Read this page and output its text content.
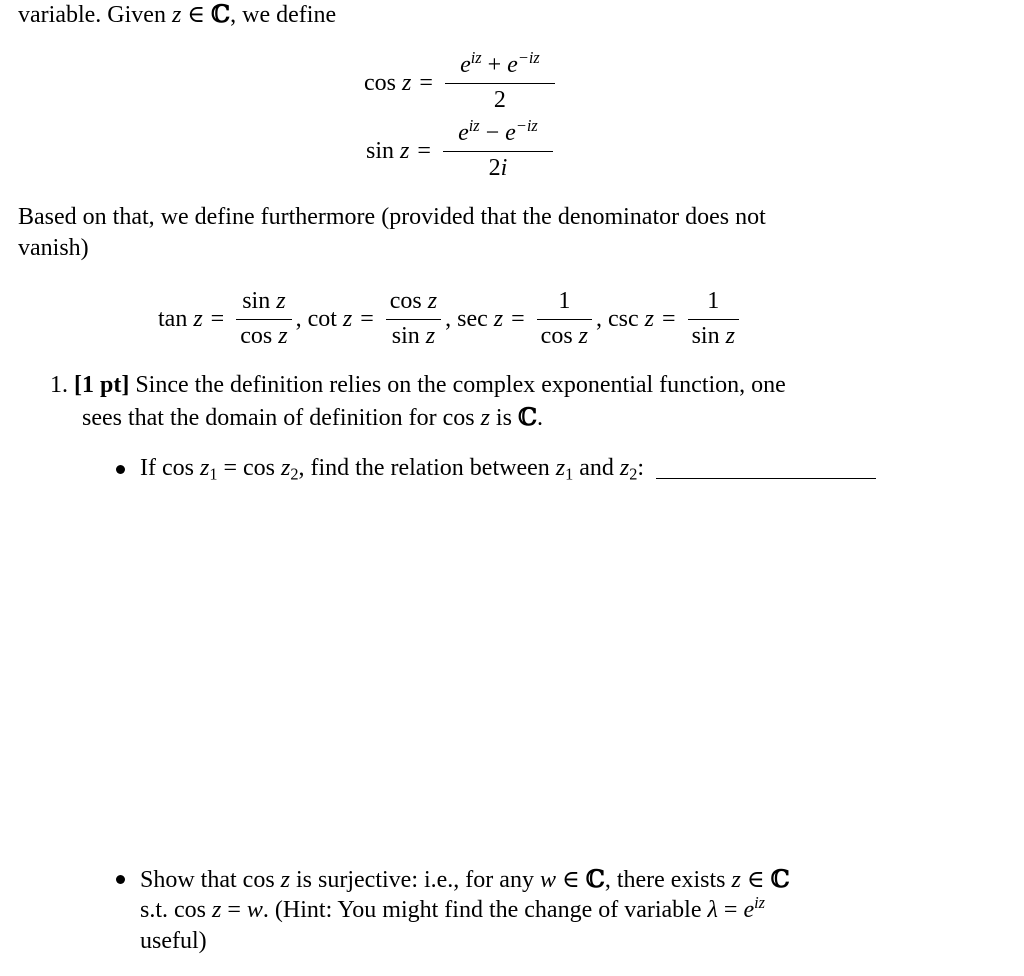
variable. Given z ∈ ℂ, we define
$\cos z = \frac{e^{iz} + e^{-iz}}{2}$
$\sin z = \frac{e^{iz} - e^{-iz}}{2i}$
Based on that, we define furthermore (provided that the denominator does not
vanish)
$\tan z = \frac{\text{sin z}}{\text{cos z}}$ , $\cot z = \frac{\text{cos z}}{\text{sin z}}$ , $\sec z = \frac{1}{\text{cos z}}$ , $\csc z = \frac{1}{\text{sin z}}$
1. [1 pt] Since the definition relies on the complex exponential function, one
sees that the domain of definition for cos z is ℂ.
If $\cos z_1 = \cos z_2$, find the relation between $z_1$ and $z_2$:
Show that cos z is surjective: i.e., for any w ∈ ℂ, there exists z ∈ ℂ
s.t. cos z = w. (Hint: You might find the change of variable $\lambda = e^{iz}$
useful)
